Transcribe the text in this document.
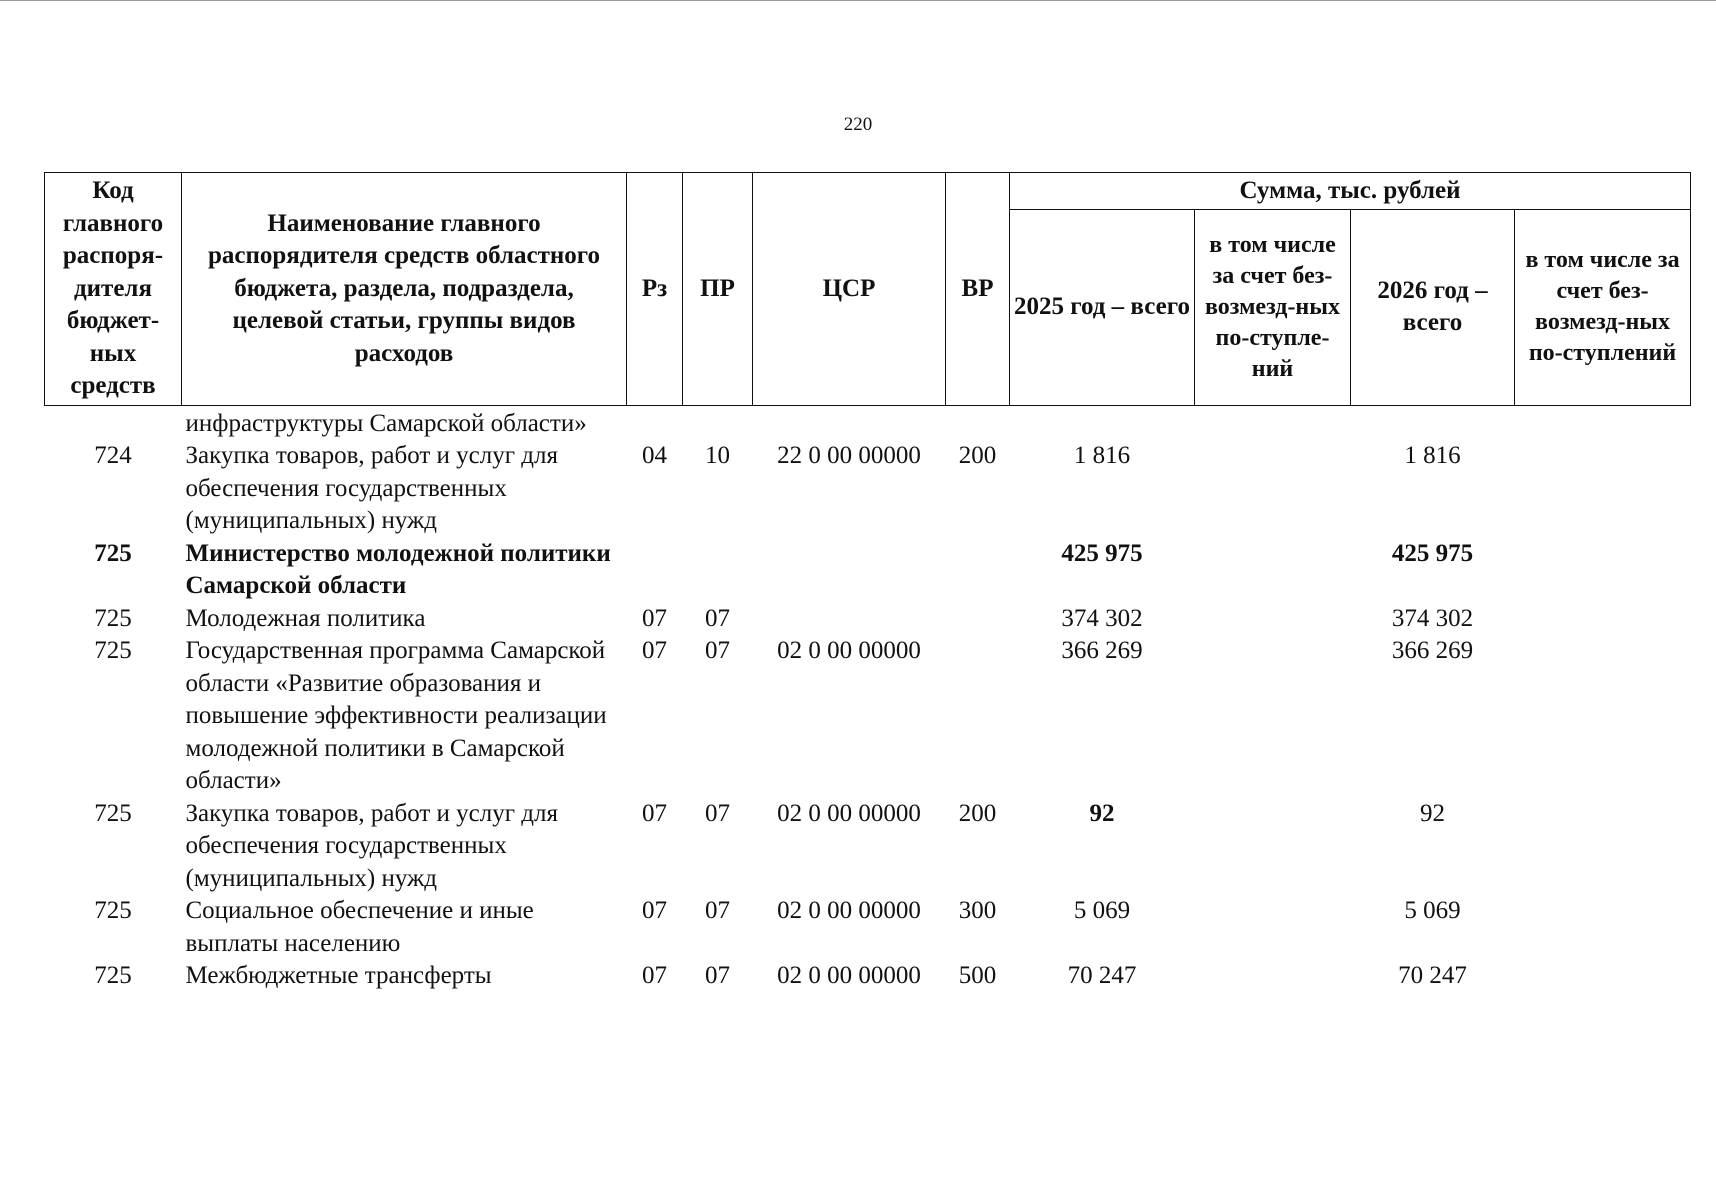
220
Код главного распоря-дителя бюджет-ных средств	Наименование главного распорядителя средств областного бюджета, раздела, подраздела, целевой статьи, группы видов расходов	Рз	ПР	ЦСР	ВР	Сумма, тыс. рублей			
						2025 год – всего	в том числе за счет без-возмезд-ных по-ступле-ний	2026 год – всего	в том числе за счет без-возмезд-ных по-ступлений
	инфраструктуры Самарской области»								
724	Закупка товаров, работ и услуг для обеспечения государственных (муниципальных) нужд	04	10	22 0 00 00000	200	1 816		1 816	
725	Министерство молодежной политики Самарской области					425 975		425 975	
725	Молодежная политика	07	07			374 302		374 302	
725	Государственная программа Самарской области «Развитие образования и повышение эффективности реализации молодежной политики в Самарской области»	07	07	02 0 00 00000		366 269		366 269	
725	Закупка товаров, работ и услуг для обеспечения государственных (муниципальных) нужд	07	07	02 0 00 00000	200	92		92	
725	Социальное обеспечение и иные выплаты населению	07	07	02 0 00 00000	300	5 069		5 069	
725	Межбюджетные трансферты	07	07	02 0 00 00000	500	70 247		70 247	
